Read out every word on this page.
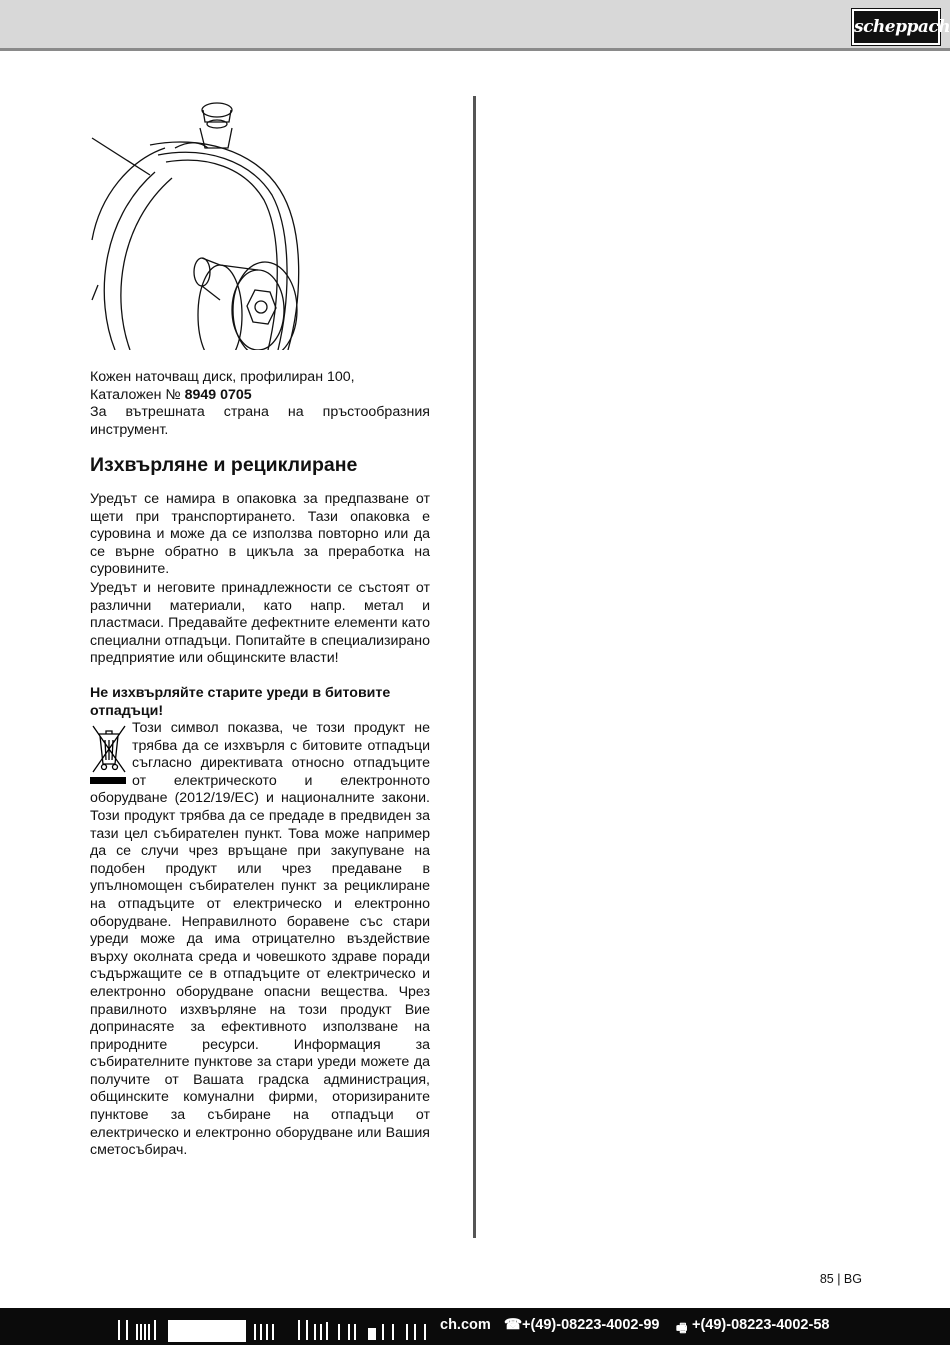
scheppach
Кожен наточващ диск, профилиран 100,
Каталожен № 8949 0705
За вътрешната страна на пръстообразния инструмент.
Изхвърляне и рециклиране
Уредът се намира в опаковка за предпазване от щети при транспортирането. Тази опаковка е суровина и може да се използва повторно или да се върне обратно в цикъла за преработка на суровините.
Уредът и неговите принадлежности се състоят от различни материали, като напр. метал и пластмаси. Предавайте дефектните елементи като специални отпадъци. Попитайте в специализирано предприятие или общинските власти!
Не изхвърляйте старите уреди в битовите отпадъци!
Този символ показва, че този продукт не трябва да се изхвърля с битовите отпадъци съгласно директивата относно отпадъците от електрическото и електронното оборудване (2012/19/ЕС) и националните закони. Този продукт трябва да се предаде в предвиден за тази цел събирателен пункт. Това може например да се случи чрез връщане при закупуване на подобен продукт или чрез предаване в упълномощен събирателен пункт за рециклиране на отпадъците от електрическо и електронно оборудване. Неправилното боравене със стари уреди може да има отрицателно въздействие върху околната среда и човешкото здраве поради съдържащите се в отпадъците от електрическо и електронно оборудване опасни вещества. Чрез правилното изхвърляне на този продукт Вие допринасяте за ефективното използване на природните ресурси. Информация за събирателните пунктове за стари уреди можете да получите от Вашата градска администрация, общинските комунални фирми, оторизираните пунктове за събиране на отпадъци от електрическо и електронно оборудване или Вашия сметосъбирач.
85 | BG
ch.com ☎ +(49)-08223-4002-99 🖷 +(49)-08223-4002-58
